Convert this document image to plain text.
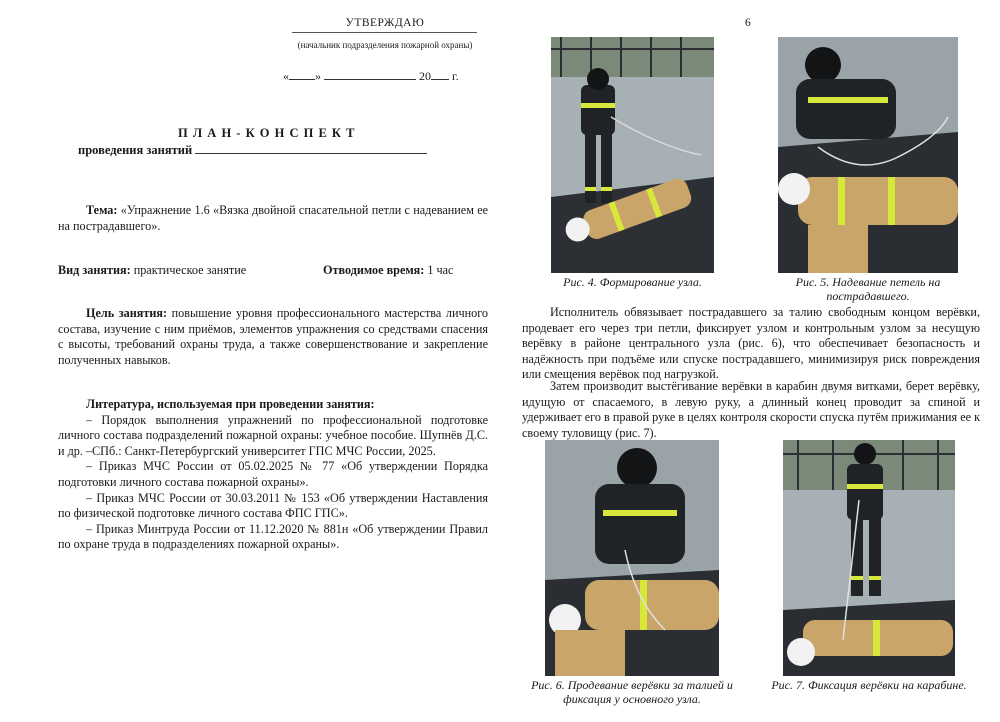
УТВЕРЖДАЮ
(начальник подразделения пожарной охраны)
« »	20 г.
П Л А Н - К О Н С П Е К Т
проведения занятий

Тема: «Упражнение 1.6 «Вязка двойной спасательной петли с надеванием ее на пострадавшего».

Вид занятия: практическое занятие	Отводимое время: 1 час

Цель занятия: повышение уровня профессионального мастерства личного состава, изучение с ним приёмов, элементов упражнения со средствами спасения с высоты, требований охраны труда, а также совершенствование и закрепление полученных навыков.

Литература, используемая при проведении занятия:

– Порядок выполнения упражнений по профессиональной подготовке личного состава подразделений пожарной охраны: учебное пособие. Шупнёв Д.С. и др. –СПб.: Санкт-Петербургский университет ГПС МЧС России, 2025.

– Приказ МЧС России от 05.02.2025 № 77 «Об утверждении Порядка подготовки личного состава пожарной охраны».

– Приказ МЧС России от 30.03.2011 № 153 «Об утверждении Наставления по физической подготовке личного состава ФПС ГПС».

– Приказ Минтруда России от 11.12.2020 № 881н «Об утверждении Правил по охране труда в подразделениях пожарной охраны».

6
Рис. 4. Формирование узла.	Рис. 5. Надевание петель на пострадавшего.

Исполнитель обвязывает пострадавшего за талию свободным концом верёвки, продевает его через три петли, фиксирует узлом и контрольным узлом за несущую верёвку в районе центрального узла (рис. 6), что обеспечивает безопасность и надёжность при подъёме или спуске пострадавшего, минимизируя риск повреждения или смещения верёвок под нагрузкой.

Затем производит выстёгивание верёвки в карабин двумя витками, берет верёвку, идущую от спасаемого, в левую руку, а длинный конец проводит за спиной и удерживает его в правой руке в целях контроля скорости спуска путём прижимания ее к своему туловищу (рис. 7).

Рис. 6. Продевание верёвки за талией и фиксация у основного узла.
Рис. 7. Фиксация верёвки на карабине.
